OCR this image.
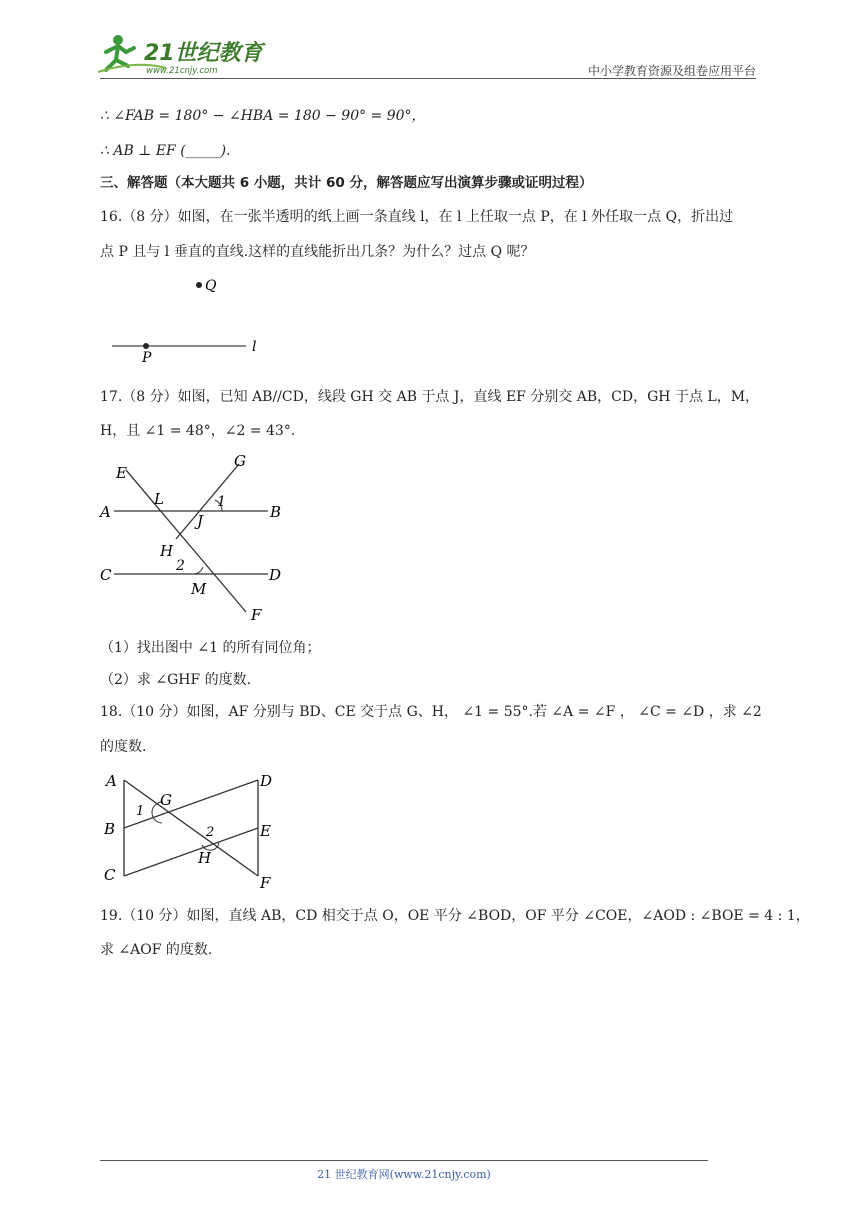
21世纪教育
www.21cnjy.com	中小学教育资源及组卷应用平台
∴ ∠FAB = 180° − ∠HBA = 180 − 90° = 90°，
∴ AB ⊥ EF (_____).
三、解答题（本大题共 6 小题，共计 60 分，解答题应写出演算步骤或证明过程）
16.（8 分）如图，在一张半透明的纸上画一条直线 l，在 l 上任取一点 P，在 l 外任取一点 Q，折出过
点 P 且与 l 垂直的直线.这样的直线能折出几条？为什么？过点 Q 呢？
Q
P
l
17.（8 分）如图，已知 AB//CD，线段 GH 交 AB 于点 J，直线 EF 分别交 AB，CD，GH 于点 L，M，
H，且 ∠1 = 48°，∠2 = 43°.
E
G
A
L	1
B
J
H
2
C	D
M
F
（1）找出图中 ∠1 的所有同位角；
（2）求 ∠GHF 的度数.
18.（10 分）如图，AF 分别与 BD、CE 交于点 G、H， ∠1 = 55°.若 ∠A = ∠F ， ∠C = ∠D ，求 ∠2
的度数.
A	D
G
1
B	2	E
H
C	F
19.（10 分）如图，直线 AB，CD 相交于点 O，OE 平分 ∠BOD，OF 平分 ∠COE，∠AOD : ∠BOE = 4 : 1，
求 ∠AOF 的度数.
21 世纪教育网(www.21cnjy.com)
